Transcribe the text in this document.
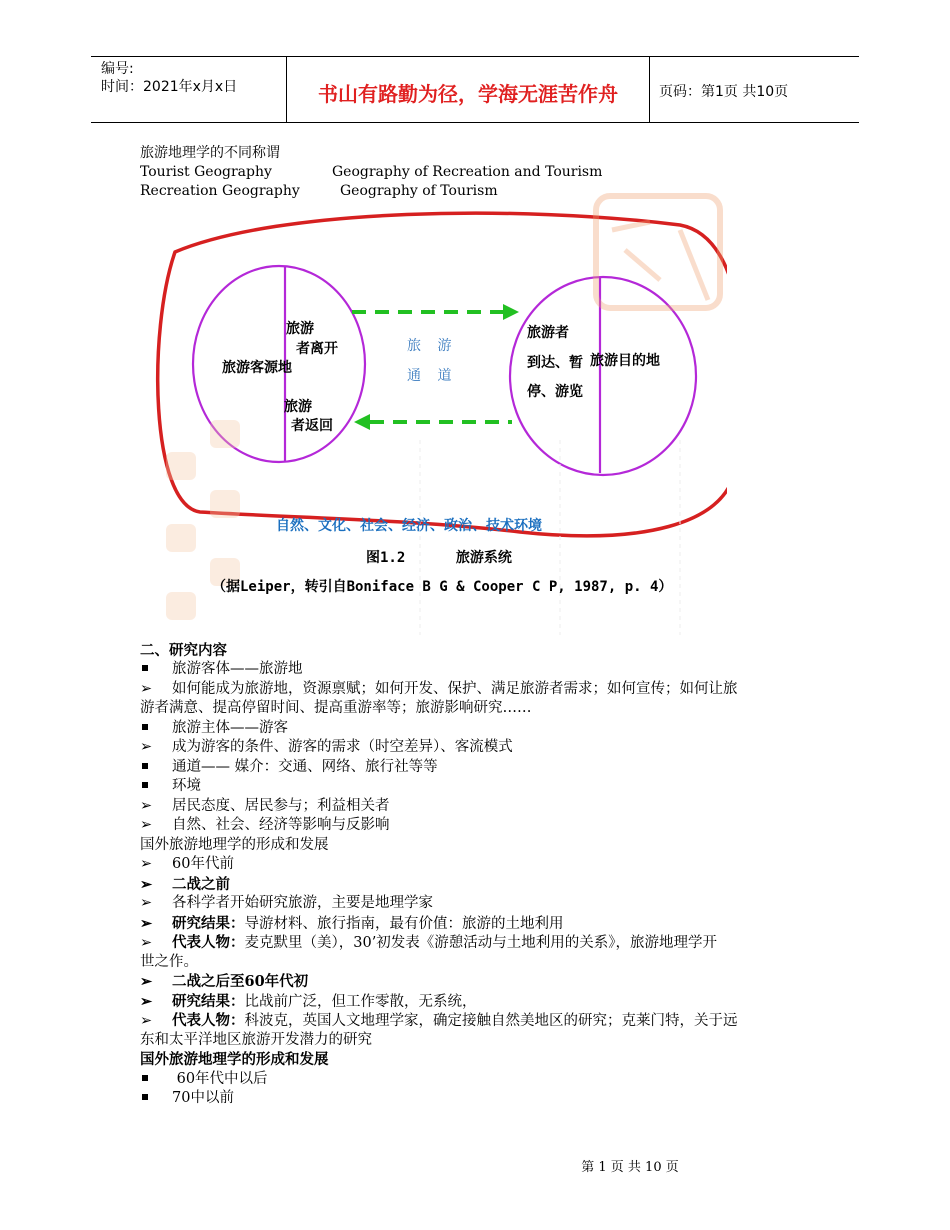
编号:
时间：2021年x月x日	书山有路勤为径，学海无涯苦作舟	页码：第1页 共10页
旅游地理学的不同称谓
Tourist Geography	Geography of Recreation and Tourism
Recreation Geography	Geography of Tourism
旅游
者离开
旅游客源地
旅游
者返回
旅 游
通 道
旅游者
到达、暂 旅游目的地
停、游览
自然、文化、社会、经济、政治、技术环境
图1.2      旅游系统
（据Leiper，转引自Boniface B G & Cooper C P, 1987, p. 4）
二、研究内容
旅游客体——旅游地
➢ 如何能成为旅游地，资源禀赋；如何开发、保护、满足旅游者需求；如何宣传；如何让旅
游者满意、提高停留时间、提高重游率等；旅游影响研究……
旅游主体——游客
➢ 成为游客的条件、游客的需求（时空差异）、客流模式
通道—— 媒介：交通、网络、旅行社等等
环境
➢ 居民态度、居民参与；利益相关者
➢ 自然、社会、经济等影响与反影响
国外旅游地理学的形成和发展
➢ 60年代前
➢ 二战之前
➢ 各科学者开始研究旅游，主要是地理学家
➢ 研究结果：导游材料、旅行指南，最有价值：旅游的土地利用
➢ 代表人物：麦克默里（美），30’初发表《游憩活动与土地利用的关系》，旅游地理学开
世之作。
➢ 二战之后至60年代初
➢ 研究结果：比战前广泛，但工作零散，无系统，
➢ 代表人物：科波克，英国人文地理学家，确定接触自然美地区的研究；克莱门特，关于远
东和太平洋地区旅游开发潜力的研究
国外旅游地理学的形成和发展
60年代中以后
70中以前
第 1 页 共 10 页
